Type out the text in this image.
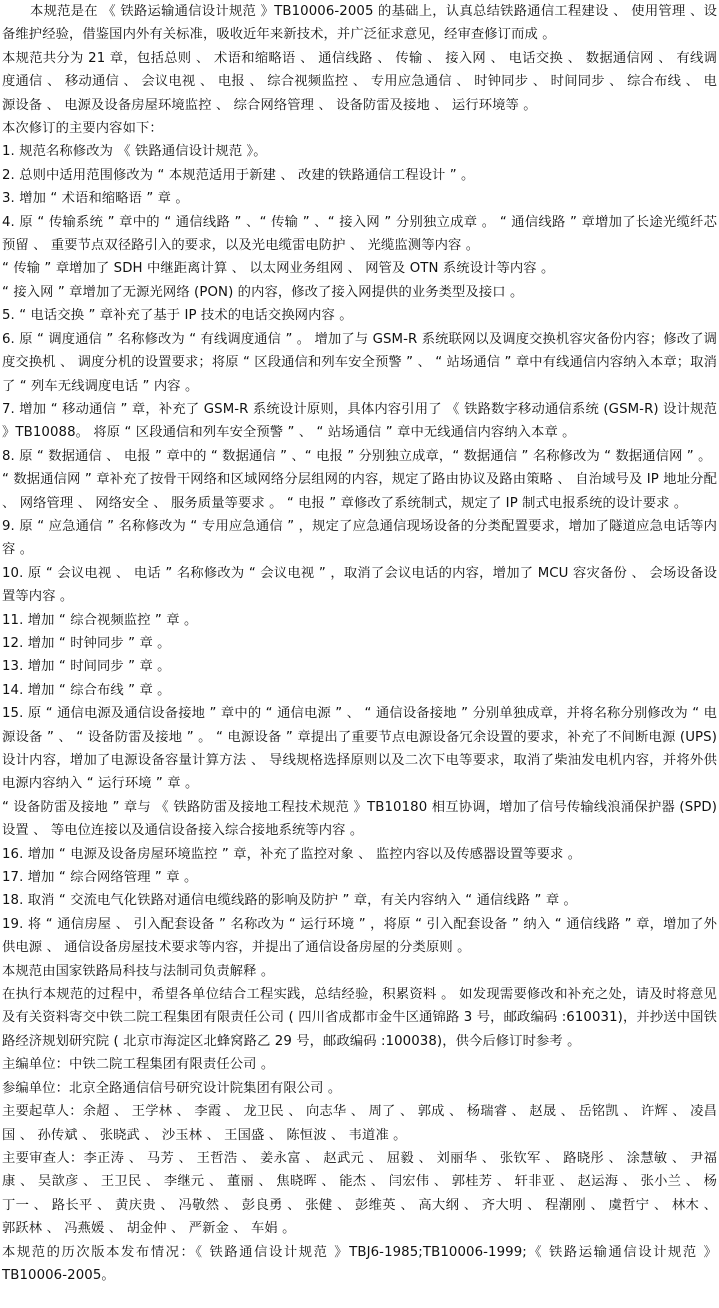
本规范是在 《 铁路运输通信设计规范 》TB10006-2005 的基础上，认真总结铁路通信工程建设 、 使用管理 、设备维护经验，借鉴国内外有关标准，吸收近年来新技术，并广泛征求意见，经审查修订而成 。

本规范共分为 21 章，包括总则 、 术语和缩略语 、 通信线路 、 传输 、 接入网 、 电话交换 、 数据通信网 、 有线调度通信 、 移动通信 、 会议电视 、 电报 、 综合视频监控 、 专用应急通信 、 时钟同步 、 时间同步 、 综合布线 、 电源设备 、 电源及设备房屋环境监控 、 综合网络管理 、 设备防雷及接地 、 运行环境等 。

本次修订的主要内容如下：

1. 规范名称修改为 《 铁路通信设计规范 》。

2. 总则中适用范围修改为 “ 本规范适用于新建 、 改建的铁路通信工程设计 ” 。

3. 增加 “ 术语和缩略语 ” 章 。

4. 原 “ 传输系统 ” 章中的 “ 通信线路 ” 、“ 传输 ” 、“ 接入网 ” 分别独立成章 。 “ 通信线路 ” 章增加了长途光缆纤芯预留 、 重要节点双径路引入的要求，以及光电缆雷电防护 、 光缆监测等内容 。

“ 传输 ” 章增加了 SDH 中继距离计算 、 以太网业务组网 、 网管及 OTN 系统设计等内容 。

“ 接入网 ” 章增加了无源光网络 (PON) 的内容，修改了接入网提供的业务类型及接口 。

5. “ 电话交换 ” 章补充了基于 IP 技术的电话交换网内容 。

6. 原 “ 调度通信 ” 名称修改为 “ 有线调度通信 ” 。 增加了与 GSM-R 系统联网以及调度交换机容灾备份内容；修改了调度交换机 、 调度分机的设置要求；将原 “ 区段通信和列车安全预警 ” 、 “ 站场通信 ” 章中有线通信内容纳入本章；取消了 “ 列车无线调度电话 ” 内容 。

7. 增加 “ 移动通信 ” 章，补充了 GSM-R 系统设计原则，具体内容引用了 《 铁路数字移动通信系统 (GSM-R) 设计规范 》TB10088。 将原 “ 区段通信和列车安全预警 ” 、 “ 站场通信 ” 章中无线通信内容纳入本章 。

8. 原 “ 数据通信 、 电报 ” 章中的 “ 数据通信 ” 、“ 电报 ” 分别独立成章，“ 数据通信 ” 名称修改为 “ 数据通信网 ” 。

“ 数据通信网 ” 章补充了按骨干网络和区域网络分层组网的内容，规定了路由协议及路由策略 、 自治域号及 IP 地址分配 、 网络管理 、 网络安全 、 服务质量等要求 。 “ 电报 ” 章修改了系统制式，规定了 IP 制式电报系统的设计要求 。

9. 原 “ 应急通信 ” 名称修改为 “ 专用应急通信 ” ，规定了应急通信现场设备的分类配置要求，增加了隧道应急电话等内容 。

10. 原 “ 会议电视 、 电话 ” 名称修改为 “ 会议电视 ” ，取消了会议电话的内容，增加了 MCU 容灾备份 、 会场设备设置等内容 。

11. 增加 “ 综合视频监控 ” 章 。

12. 增加 “ 时钟同步 ” 章 。

13. 增加 “ 时间同步 ” 章 。

14. 增加 “ 综合布线 ” 章 。

15. 原 “ 通信电源及通信设备接地 ” 章中的 “ 通信电源 ” 、 “ 通信设备接地 ” 分别单独成章，并将名称分别修改为 “ 电源设备 ” 、 “ 设备防雷及接地 ” 。 “ 电源设备 ” 章提出了重要节点电源设备冗余设置的要求，补充了不间断电源 (UPS) 设计内容，增加了电源设备容量计算方法 、 导线规格选择原则以及二次下电等要求，取消了柴油发电机内容，并将外供电源内容纳入 “ 运行环境 ” 章 。

“ 设备防雷及接地 ” 章与 《 铁路防雷及接地工程技术规范 》TB10180 相互协调，增加了信号传输线浪涌保护器 (SPD) 设置 、 等电位连接以及通信设备接入综合接地系统等内容 。

16. 增加 “ 电源及设备房屋环境监控 ” 章，补充了监控对象 、 监控内容以及传感器设置等要求 。

17. 增加 “ 综合网络管理 ” 章 。

18. 取消 “ 交流电气化铁路对通信电缆线路的影响及防护 ” 章，有关内容纳入 “ 通信线路 ” 章 。

19. 将 “ 通信房屋 、 引入配套设备 ” 名称改为 “ 运行环境 ” ，将原 “ 引入配套设备 ” 纳入 “ 通信线路 ” 章，增加了外供电源 、 通信设备房屋技术要求等内容，并提出了通信设备房屋的分类原则 。

本规范由国家铁路局科技与法制司负责解释 。

在执行本规范的过程中，希望各单位结合工程实践，总结经验，积累资料 。 如发现需要修改和补充之处，请及时将意见及有关资料寄交中铁二院工程集团有限责任公司 ( 四川省成都市金牛区通锦路 3 号，邮政编码 :610031)，并抄送中国铁路经济规划研究院 ( 北京市海淀区北蜂窝路乙 29 号，邮政编码 :100038)，供今后修订时参考 。

主编单位：中铁二院工程集团有限责任公司 。

参编单位：北京全路通信信号研究设计院集团有限公司 。

主要起草人：余超 、 王学林 、 李霞 、 龙卫民 、 向志华 、 周了 、 郭成 、 杨瑞睿 、 赵晟 、 岳铭凯 、 许辉 、 凌昌国 、 孙传斌 、 张晓武 、 沙玉林 、 王国盛 、 陈恒波 、 韦道准 。

主要审查人：李正涛 、 马芳 、 王哲浩 、 姜永富 、 赵武元 、 屈毅 、 刘丽华 、 张钦军 、 路晓彤 、 涂慧敏 、 尹福康 、 吴歆彦 、 王卫民 、 李继元 、 董丽 、 焦晓晖 、 能杰 、 闫宏伟 、 郭桂芳 、 轩非亚 、 赵运海 、 张小兰 、 杨丁一 、 路长平 、 黄庆贵 、 冯敬然 、 彭良勇 、 张健 、 彭维英 、 高大纲 、 齐大明 、 程潮刚 、 虞哲宁 、 林木 、 郭跃林 、 冯燕媛 、 胡金仲 、 严新金 、 车娟 。

本规范的历次版本发布情况：《 铁路通信设计规范 》TBJ6-1985;TB10006-1999;《 铁路运输通信设计规范 》TB10006-2005。
